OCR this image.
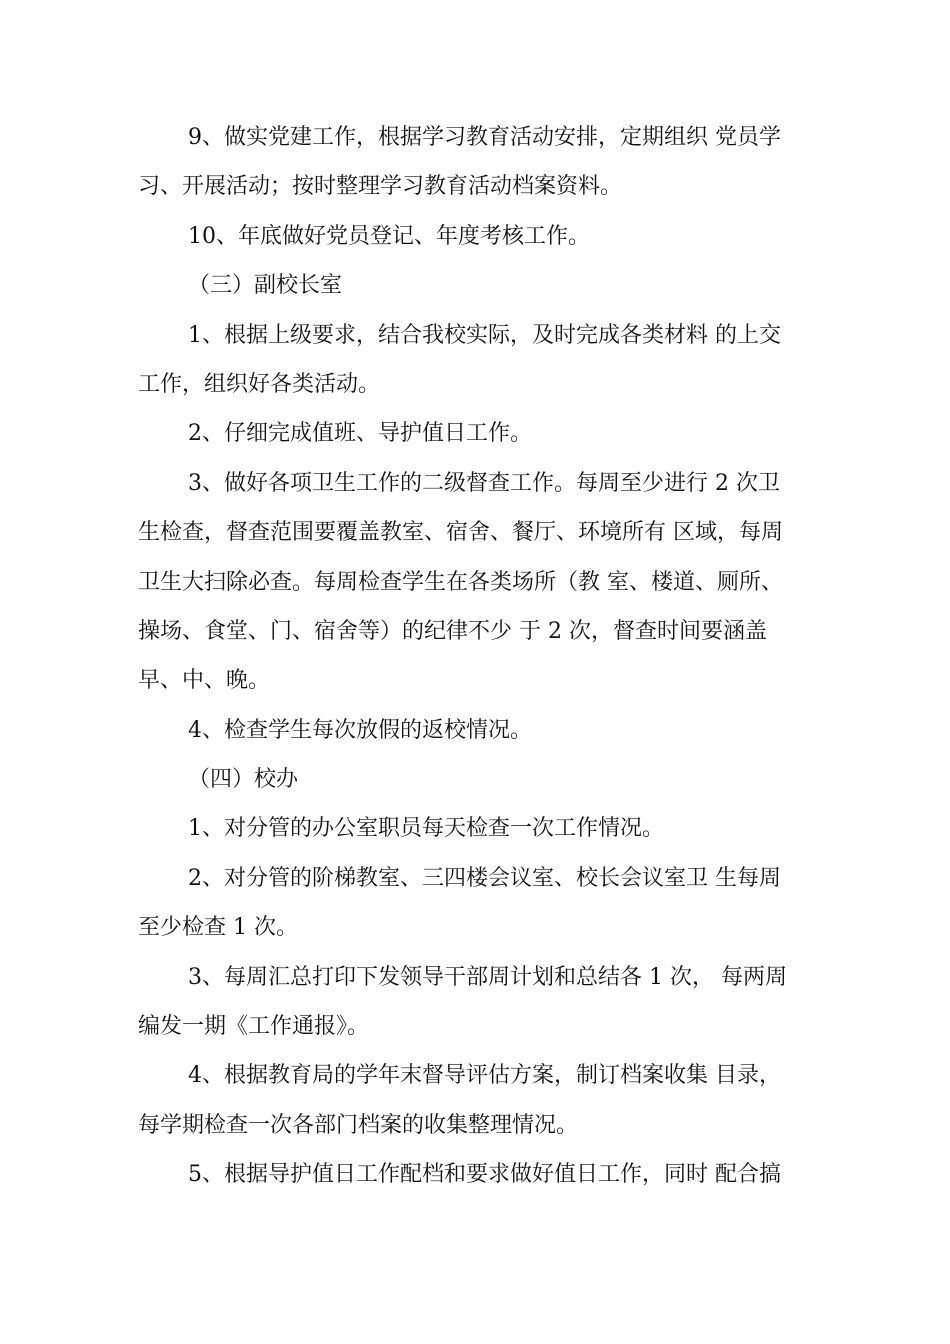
9、做实党建工作，根据学习教育活动安排，定期组织 党员学
习、开展活动；按时整理学习教育活动档案资料。
10、年底做好党员登记、年度考核工作。
（三）副校长室
1、根据上级要求，结合我校实际，及时完成各类材料 的上交
工作，组织好各类活动。
2、仔细完成值班、导护值日工作。
3、做好各项卫生工作的二级督查工作。每周至少进行 2 次卫
生检查，督查范围要覆盖教室、宿舍、餐厅、环境所有 区域，每周
卫生大扫除必查。每周检查学生在各类场所（教 室、楼道、厕所、
操场、食堂、门、宿舍等）的纪律不少 于 2 次，督查时间要涵盖
早、中、晚。
4、检查学生每次放假的返校情况。
（四）校办
1、对分管的办公室职员每天检查一次工作情况。
2、对分管的阶梯教室、三四楼会议室、校长会议室卫 生每周
至少检查 1 次。
3、每周汇总打印下发领导干部周计划和总结各 1 次， 每两周
编发一期《工作通报》。
4、根据教育局的学年末督导评估方案，制订档案收集 目录，
每学期检查一次各部门档案的收集整理情况。
5、根据导护值日工作配档和要求做好值日工作，同时 配合搞
